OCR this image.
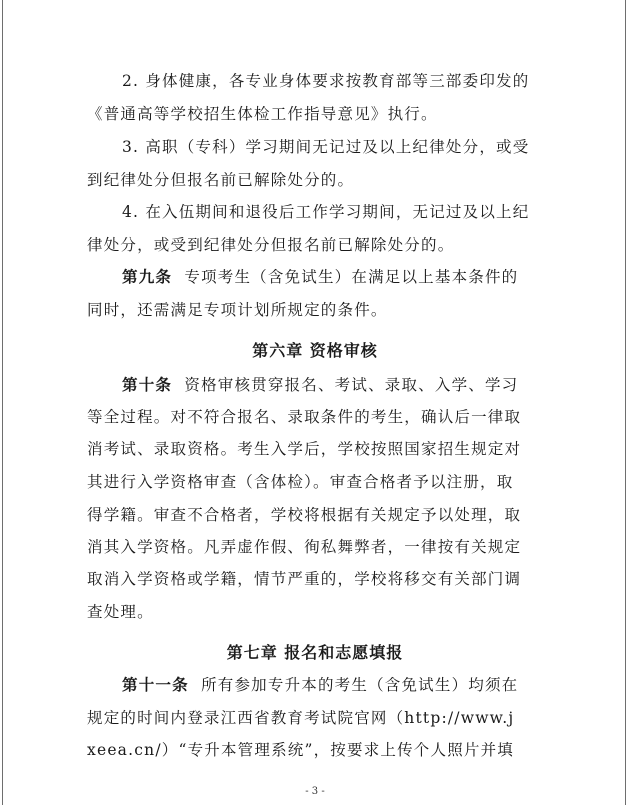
2. 身体健康，各专业身体要求按教育部等三部委印发的
《普通高等学校招生体检工作指导意见》执行。
3. 高职（专科）学习期间无记过及以上纪律处分，或受
到纪律处分但报名前已解除处分的。
4. 在入伍期间和退役后工作学习期间，无记过及以上纪
律处分，或受到纪律处分但报名前已解除处分的。
第九条 专项考生（含免试生）在满足以上基本条件的
同时，还需满足专项计划所规定的条件。
第六章 资格审核
第十条 资格审核贯穿报名、考试、录取、入学、学习
等全过程。对不符合报名、录取条件的考生，确认后一律取
消考试、录取资格。考生入学后，学校按照国家招生规定对
其进行入学资格审查（含体检）。审查合格者予以注册，取
得学籍。审查不合格者，学校将根据有关规定予以处理，取
消其入学资格。凡弄虚作假、徇私舞弊者，一律按有关规定
取消入学资格或学籍，情节严重的，学校将移交有关部门调
查处理。
第七章 报名和志愿填报
第十一条 所有参加专升本的考生（含免试生）均须在
规定的时间内登录江西省教育考试院官网（http://www.j
xeea.cn/）“专升本管理系统”，按要求上传个人照片并填
- 3 -
